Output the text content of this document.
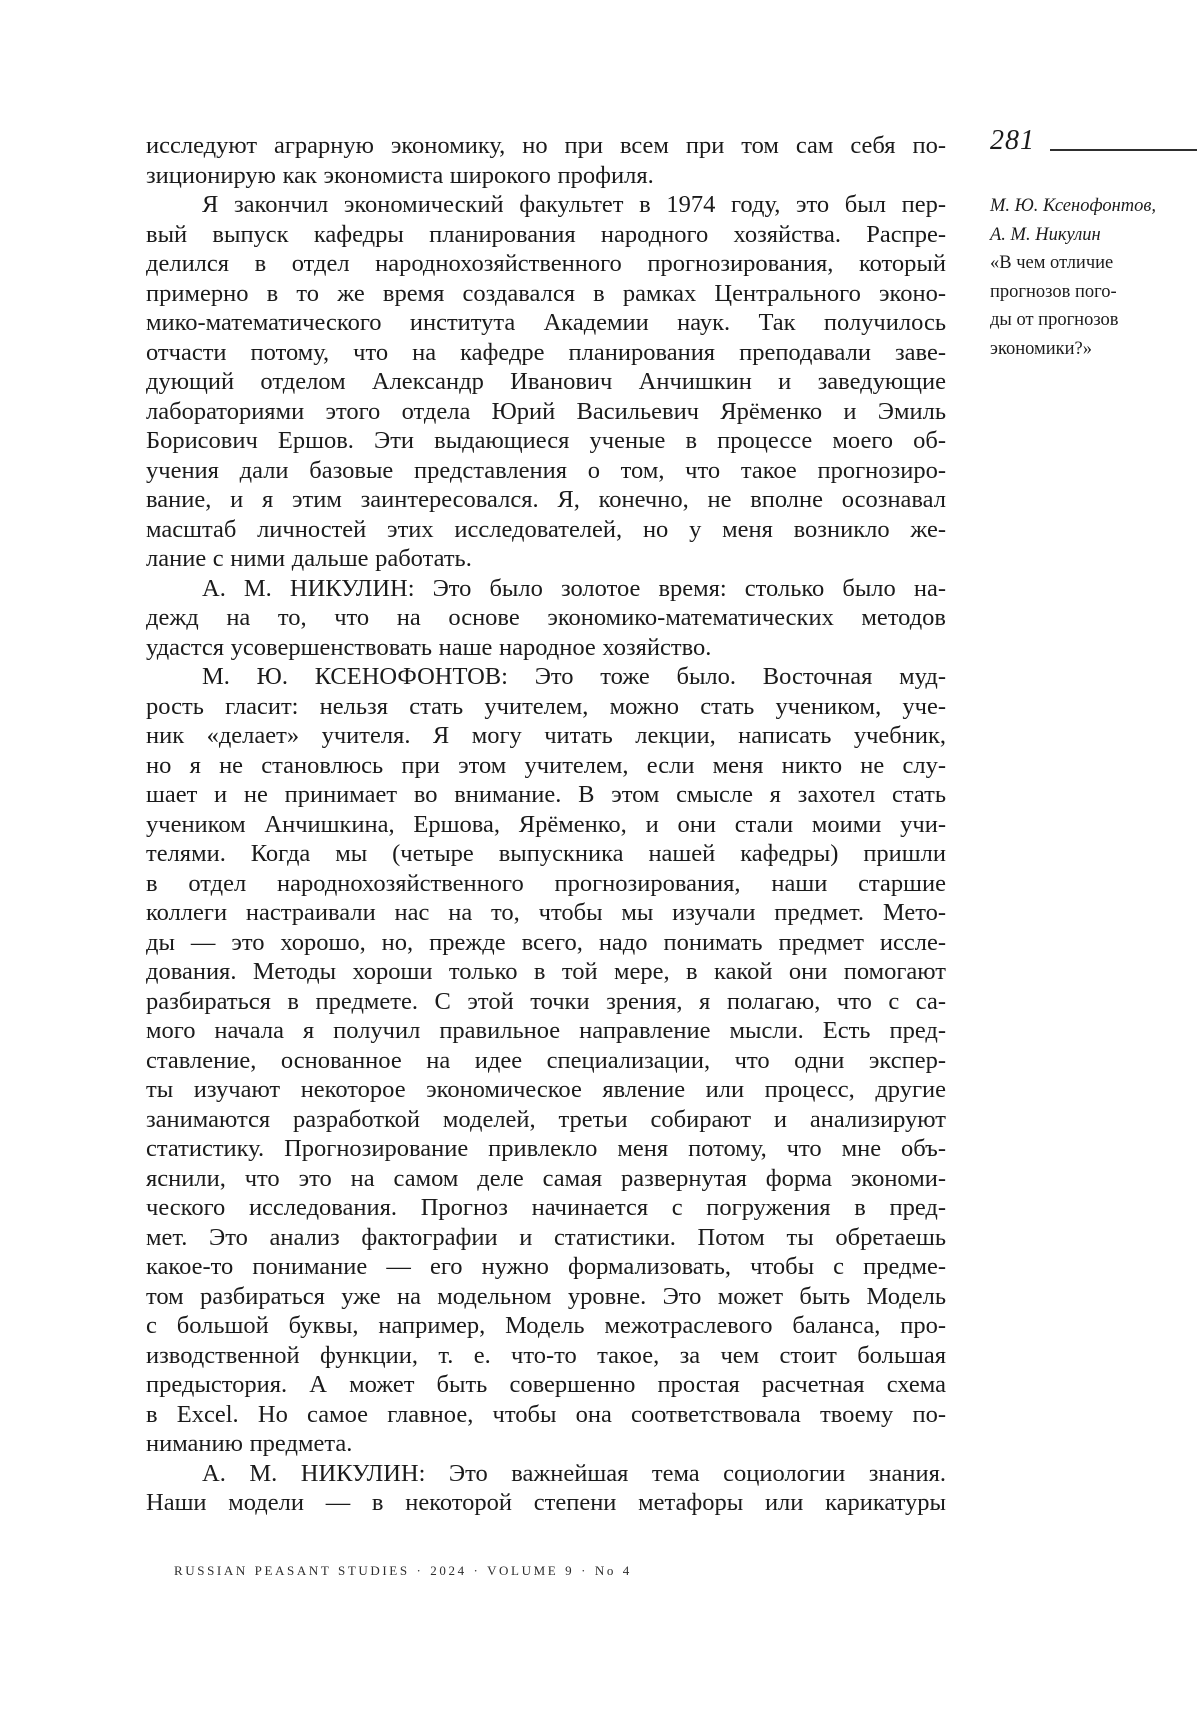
281
М. Ю. Ксенофонтов,
А. М. Никулин
«В чем отличие
прогнозов пого-
ды от прогнозов
экономики?»
исследуют аграрную экономику, но при всем при том сам себя по-
зиционирую как экономиста широкого профиля.
Я закончил экономический факультет в 1974 году, это был пер-
вый выпуск кафедры планирования народного хозяйства. Распре-
делился в отдел народнохозяйственного прогнозирования, который
примерно в то же время создавался в рамках Центрального эконо-
мико-математического института Академии наук. Так получилось
отчасти потому, что на кафедре планирования преподавали заве-
дующий отделом Александр Иванович Анчишкин и заведующие
лабораториями этого отдела Юрий Васильевич Ярёменко и Эмиль
Борисович Ершов. Эти выдающиеся ученые в процессе моего об-
учения дали базовые представления о том, что такое прогнозиро-
вание, и я этим заинтересовался. Я, конечно, не вполне осознавал
масштаб личностей этих исследователей, но у меня возникло же-
лание с ними дальше работать.
А. М. НИКУЛИН: Это было золотое время: столько было на-
дежд на то, что на основе экономико-математических методов
удастся усовершенствовать наше народное хозяйство.
М. Ю. КСЕНОФОНТОВ: Это тоже было. Восточная муд-
рость гласит: нельзя стать учителем, можно стать учеником, уче-
ник «делает» учителя. Я могу читать лекции, написать учебник,
но я не становлюсь при этом учителем, если меня никто не слу-
шает и не принимает во внимание. В этом смысле я захотел стать
учеником Анчишкина, Ершова, Ярёменко, и они стали моими учи-
телями. Когда мы (четыре выпускника нашей кафедры) пришли
в отдел народнохозяйственного прогнозирования, наши старшие
коллеги настраивали нас на то, чтобы мы изучали предмет. Мето-
ды — это хорошо, но, прежде всего, надо понимать предмет иссле-
дования. Методы хороши только в той мере, в какой они помогают
разбираться в предмете. С этой точки зрения, я полагаю, что с са-
мого начала я получил правильное направление мысли. Есть пред-
ставление, основанное на идее специализации, что одни экспер-
ты изучают некоторое экономическое явление или процесс, другие
занимаются разработкой моделей, третьи собирают и анализируют
статистику. Прогнозирование привлекло меня потому, что мне объ-
яснили, что это на самом деле самая развернутая форма экономи-
ческого исследования. Прогноз начинается с погружения в пред-
мет. Это анализ фактографии и статистики. Потом ты обретаешь
какое-то понимание — его нужно формализовать, чтобы с предме-
том разбираться уже на модельном уровне. Это может быть Модель
с большой буквы, например, Модель межотраслевого баланса, про-
изводственной функции, т. е. что-то такое, за чем стоит большая
предыстория. А может быть совершенно простая расчетная схема
в Excel. Но самое главное, чтобы она соответствовала твоему по-
ниманию предмета.
А. М. НИКУЛИН: Это важнейшая тема социологии знания.
Наши модели — в некоторой степени метафоры или карикатуры
RUSSIAN PEASANT STUDIES · 2024 · VOLUME 9 · No 4
